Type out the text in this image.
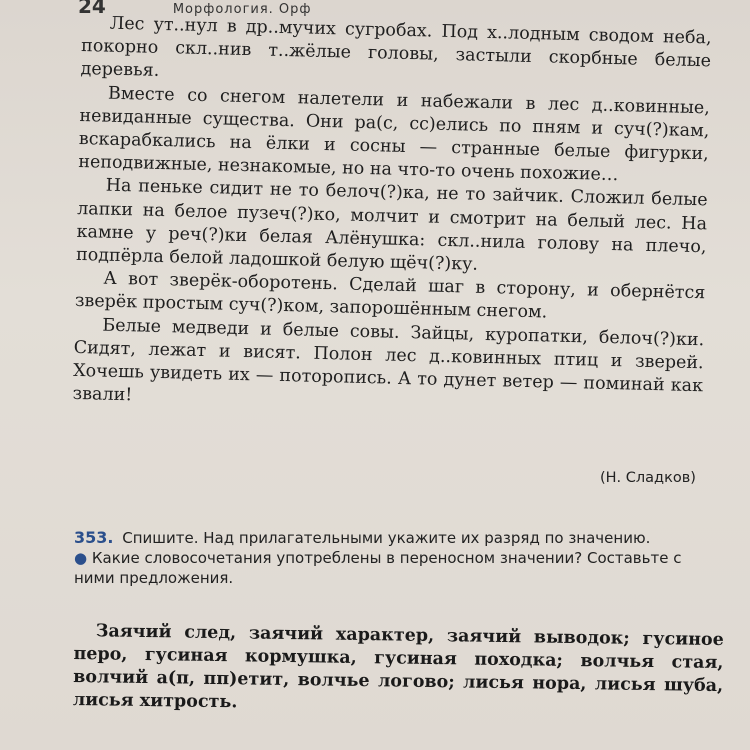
24	Морфология. Орф

Лес ут..нул в др..мучих сугробах. Под х..лодным сводом неба, покорно скл..нив т..жёлые головы, застыли скорбные белые деревья.

Вместе со снегом налетели и набежали в лес д..ковинные, невиданные существа. Они ра(с, сс)елись по пням и суч(?)кам, вскарабкались на ёлки и сосны — странные белые фигурки, неподвижные, незнакомые, но на что-то очень похожие…

На пеньке сидит не то белоч(?)ка, не то зайчик. Сложил белые лапки на белое пузеч(?)ко, молчит и смотрит на белый лес. На камне у реч(?)ки белая Алёнушка: скл..нила голову на плечо, подпёрла белой ладошкой белую щёч(?)ку.

А вот зверёк-оборотень. Сделай шаг в сторону, и обернётся зверёк простым суч(?)ком, запорошённым снегом.

Белые медведи и белые совы. Зайцы, куропатки, белоч(?)ки. Сидят, лежат и висят. Полон лес д..ковинных птиц и зверей. Хочешь увидеть их — поторопись. А то дунет ветер — поминай как звали!

(Н. Сладков)
353. Спишите. Над прилагательными укажите их разряд по значению.
● Какие словосочетания употреблены в переносном значении? Составьте с ними предложения.

Заячий след, заячий характер, заячий выводок; гусиное перо, гусиная кормушка, гусиная походка; волчья стая, волчий а(п, пп)етит, волчье логово; лисья нора, лисья шуба, лисья хитрость.
